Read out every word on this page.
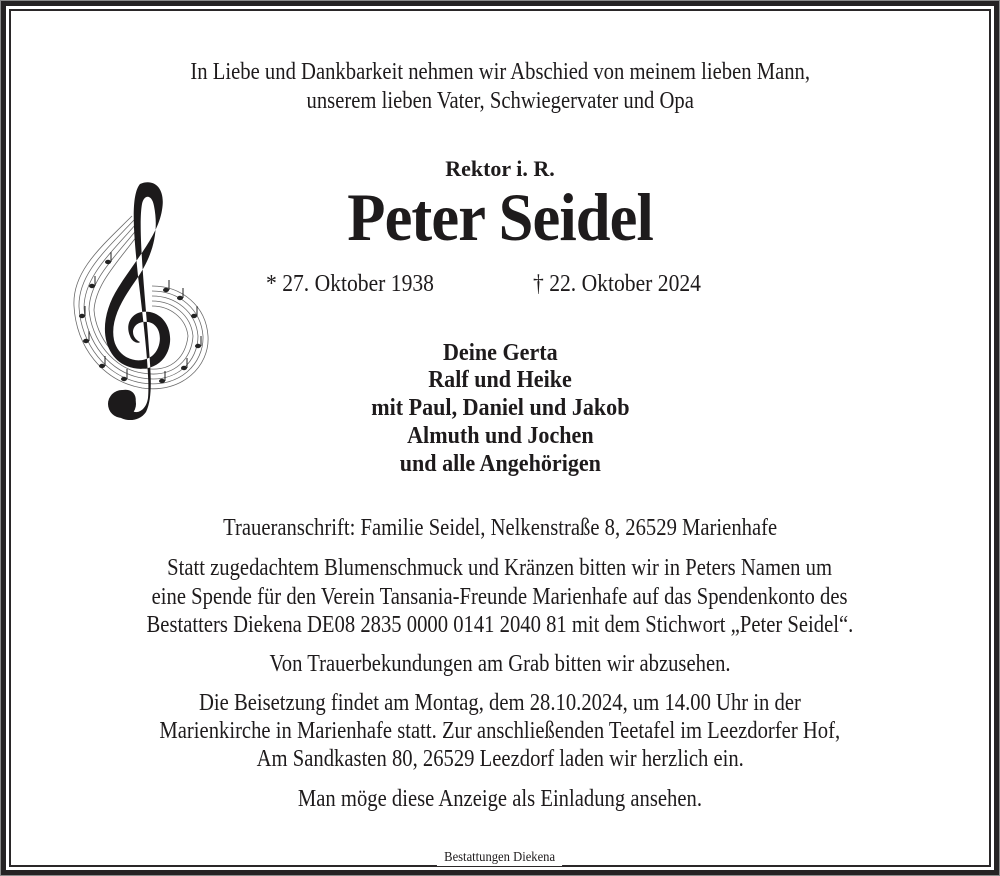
In Liebe und Dankbarkeit nehmen wir Abschied von meinem lieben Mann,
unserem lieben Vater, Schwiegervater und Opa
Rektor i. R.
Peter Seidel
* 27. Oktober 1938	† 22. Oktober 2024
Deine Gerta
Ralf und Heike
mit Paul, Daniel und Jakob
Almuth und Jochen
und alle Angehörigen
Traueranschrift: Familie Seidel, Nelkenstraße 8, 26529 Marienhafe
Statt zugedachtem Blumenschmuck und Kränzen bitten wir in Peters Namen um
eine Spende für den Verein Tansania-Freunde Marienhafe auf das Spendenkonto des
Bestatters Diekena DE08 2835 0000 0141 2040 81 mit dem Stichwort „Peter Seidel“.
Von Trauerbekundungen am Grab bitten wir abzusehen.
Die Beisetzung findet am Montag, dem 28.10.2024, um 14.00 Uhr in der
Marienkirche in Marienhafe statt. Zur anschließenden Teetafel im Leezdorfer Hof,
Am Sandkasten 80, 26529 Leezdorf laden wir herzlich ein.
Man möge diese Anzeige als Einladung ansehen.
Bestattungen Diekena
